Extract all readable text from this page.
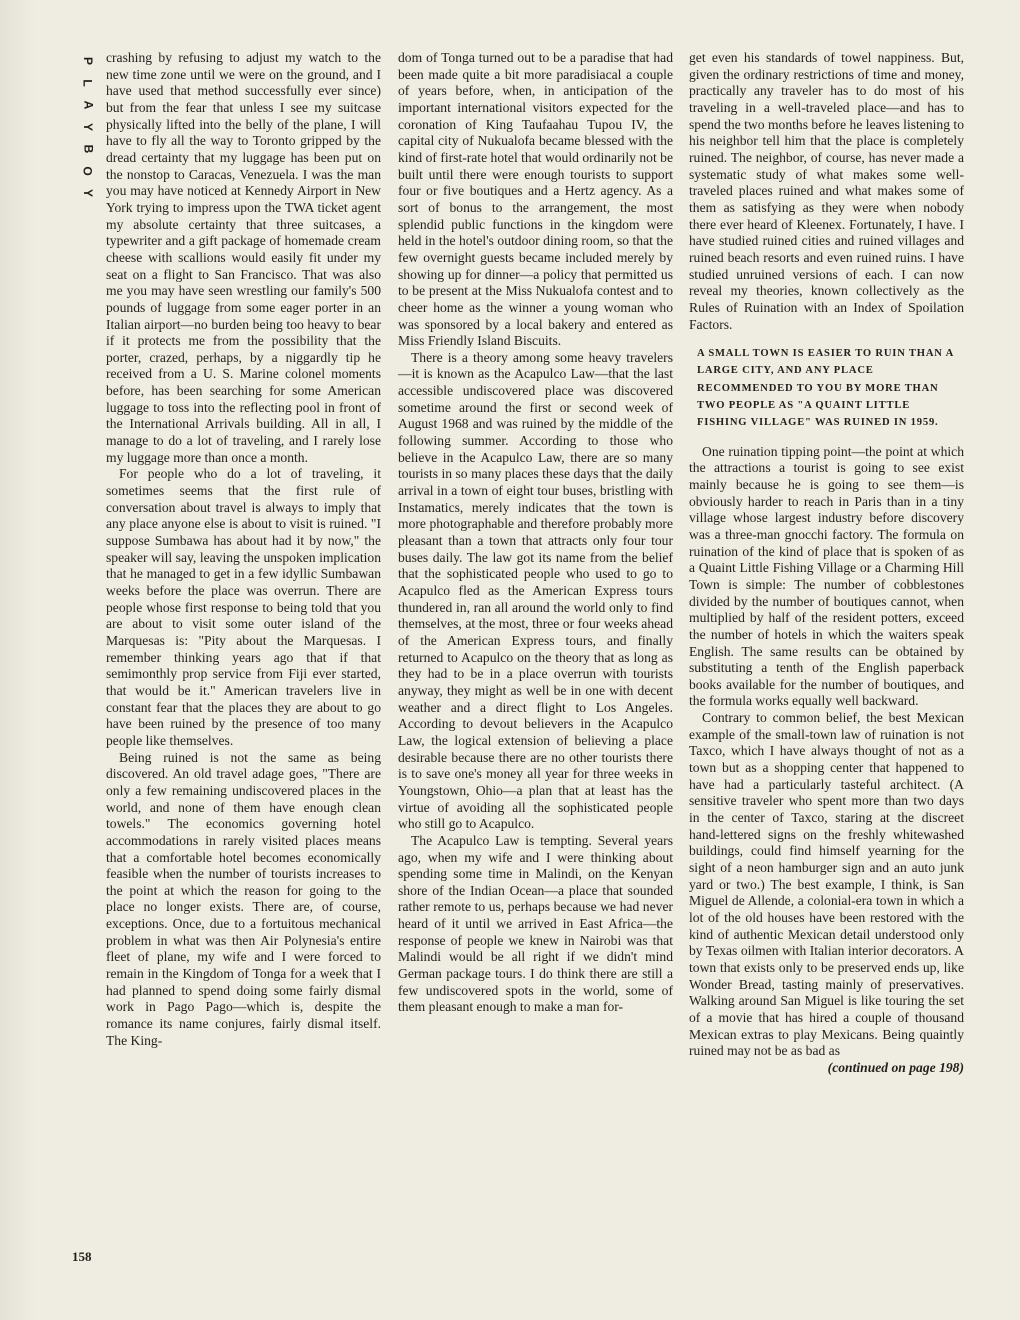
P
L
A
Y
B
O
Y
158

crashing by refusing to adjust my watch to the new time zone until we were on the ground, and I have used that method successfully ever since) but from the fear that unless I see my suitcase physically lifted into the belly of the plane, I will have to fly all the way to Toronto gripped by the dread certainty that my luggage has been put on the nonstop to Caracas, Venezuela. I was the man you may have noticed at Kennedy Airport in New York trying to impress upon the TWA ticket agent my absolute certainty that three suitcases, a typewriter and a gift package of homemade cream cheese with scallions would easily fit under my seat on a flight to San Francisco. That was also me you may have seen wrestling our family's 500 pounds of luggage from some eager porter in an Italian airport—no burden being too heavy to bear if it protects me from the possibility that the porter, crazed, perhaps, by a niggardly tip he received from a U. S. Marine colonel moments before, has been searching for some American luggage to toss into the reflecting pool in front of the International Arrivals building. All in all, I manage to do a lot of traveling, and I rarely lose my luggage more than once a month.

For people who do a lot of traveling, it sometimes seems that the first rule of conversation about travel is always to imply that any place anyone else is about to visit is ruined. "I suppose Sumbawa has about had it by now," the speaker will say, leaving the unspoken implication that he managed to get in a few idyllic Sumbawan weeks before the place was overrun. There are people whose first response to being told that you are about to visit some outer island of the Marquesas is: "Pity about the Marquesas. I remember thinking years ago that if that semimonthly prop service from Fiji ever started, that would be it." American travelers live in constant fear that the places they are about to go have been ruined by the presence of too many people like themselves.

Being ruined is not the same as being discovered. An old travel adage goes, "There are only a few remaining undiscovered places in the world, and none of them have enough clean towels." The economics governing hotel accommodations in rarely visited places means that a comfortable hotel becomes economically feasible when the number of tourists increases to the point at which the reason for going to the place no longer exists. There are, of course, exceptions. Once, due to a fortuitous mechanical problem in what was then Air Polynesia's entire fleet of plane, my wife and I were forced to remain in the Kingdom of Tonga for a week that I had planned to spend doing some fairly dismal work in Pago Pago—which is, despite the romance its name conjures, fairly dismal itself. The King-

dom of Tonga turned out to be a paradise that had been made quite a bit more paradisiacal a couple of years before, when, in anticipation of the important international visitors expected for the coronation of King Taufaahau Tupou IV, the capital city of Nukualofa became blessed with the kind of first-rate hotel that would ordinarily not be built until there were enough tourists to support four or five boutiques and a Hertz agency. As a sort of bonus to the arrangement, the most splendid public functions in the kingdom were held in the hotel's outdoor dining room, so that the few overnight guests became included merely by showing up for dinner—a policy that permitted us to be present at the Miss Nukualofa contest and to cheer home as the winner a young woman who was sponsored by a local bakery and entered as Miss Friendly Island Biscuits.

There is a theory among some heavy travelers—it is known as the Acapulco Law—that the last accessible undiscovered place was discovered sometime around the first or second week of August 1968 and was ruined by the middle of the following summer. According to those who believe in the Acapulco Law, there are so many tourists in so many places these days that the daily arrival in a town of eight tour buses, bristling with Instamatics, merely indicates that the town is more photographable and therefore probably more pleasant than a town that attracts only four tour buses daily. The law got its name from the belief that the sophisticated people who used to go to Acapulco fled as the American Express tours thundered in, ran all around the world only to find themselves, at the most, three or four weeks ahead of the American Express tours, and finally returned to Acapulco on the theory that as long as they had to be in a place overrun with tourists anyway, they might as well be in one with decent weather and a direct flight to Los Angeles. According to devout believers in the Acapulco Law, the logical extension of believing a place desirable because there are no other tourists there is to save one's money all year for three weeks in Youngstown, Ohio—a plan that at least has the virtue of avoiding all the sophisticated people who still go to Acapulco.

The Acapulco Law is tempting. Several years ago, when my wife and I were thinking about spending some time in Malindi, on the Kenyan shore of the Indian Ocean—a place that sounded rather remote to us, perhaps because we had never heard of it until we arrived in East Africa—the response of people we knew in Nairobi was that Malindi would be all right if we didn't mind German package tours. I do think there are still a few undiscovered spots in the world, some of them pleasant enough to make a man for-

get even his standards of towel nappiness. But, given the ordinary restrictions of time and money, practically any traveler has to do most of his traveling in a well-traveled place—and has to spend the two months before he leaves listening to his neighbor tell him that the place is completely ruined. The neighbor, of course, has never made a systematic study of what makes some well-traveled places ruined and what makes some of them as satisfying as they were when nobody there ever heard of Kleenex. Fortunately, I have. I have studied ruined cities and ruined villages and ruined beach resorts and even ruined ruins. I have studied unruined versions of each. I can now reveal my theories, known collectively as the Rules of Ruination with an Index of Spoilation Factors.

A SMALL TOWN IS EASIER TO RUIN THAN A LARGE CITY, AND ANY PLACE RECOMMENDED TO YOU BY MORE THAN TWO PEOPLE AS "A QUAINT LITTLE FISHING VILLAGE" WAS RUINED IN 1959.

One ruination tipping point—the point at which the attractions a tourist is going to see exist mainly because he is going to see them—is obviously harder to reach in Paris than in a tiny village whose largest industry before discovery was a three-man gnocchi factory. The formula on ruination of the kind of place that is spoken of as a Quaint Little Fishing Village or a Charming Hill Town is simple: The number of cobblestones divided by the number of boutiques cannot, when multiplied by half of the resident potters, exceed the number of hotels in which the waiters speak English. The same results can be obtained by substituting a tenth of the English paperback books available for the number of boutiques, and the formula works equally well backward.

Contrary to common belief, the best Mexican example of the small-town law of ruination is not Taxco, which I have always thought of not as a town but as a shopping center that happened to have had a particularly tasteful architect. (A sensitive traveler who spent more than two days in the center of Taxco, staring at the discreet hand-lettered signs on the freshly whitewashed buildings, could find himself yearning for the sight of a neon hamburger sign and an auto junk yard or two.) The best example, I think, is San Miguel de Allende, a colonial-era town in which a lot of the old houses have been restored with the kind of authentic Mexican detail understood only by Texas oilmen with Italian interior decorators. A town that exists only to be preserved ends up, like Wonder Bread, tasting mainly of preservatives. Walking around San Miguel is like touring the set of a movie that has hired a couple of thousand Mexican extras to play Mexicans. Being quaintly ruined may not be as bad as

(continued on page 198)
